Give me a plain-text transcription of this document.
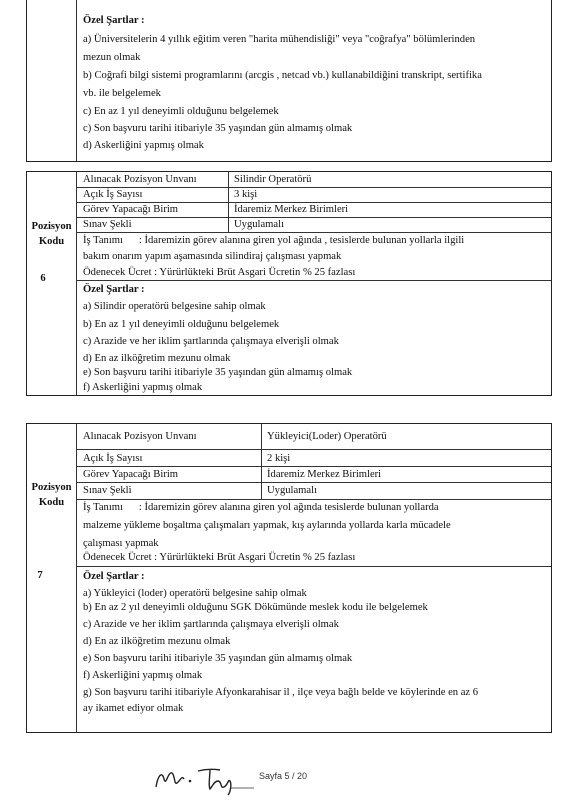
Özel Şartlar :
a) Üniversitelerin 4 yıllık eğitim veren "harita mühendisliği" veya "coğrafya" bölümlerinden
mezun olmak
b) Coğrafi bilgi sistemi programlarını (arcgis , netcad vb.) kullanabildiğini transkript, sertifika
vb. ile belgelemek
c) En az 1 yıl deneyimli olduğunu belgelemek
c) Son başvuru tarihi itibariyle 35 yaşından gün almamış olmak
d) Askerliğini yapmış olmak
Pozisyon
Kodu
6
Alınacak Pozisyon Unvanı	Silindir Operatörü
Açık İş Sayısı	3 kişi
Görev Yapacağı Birim	İdaremiz Merkez Birimleri
Sınav Şekli	Uygulamalı
İş Tanımı      : İdaremizin görev alanına giren yol ağında , tesislerde bulunan yollarla ilgili
bakım onarım yapım aşamasında silindiraj çalışması yapmak
Ödenecek Ücret : Yürürlükteki Brüt Asgari Ücretin % 25 fazlası
Özel Şartlar :
a) Silindir operatörü belgesine sahip olmak
b) En az 1 yıl deneyimli olduğunu belgelemek
c) Arazide ve her iklim şartlarında çalışmaya elverişli olmak
d) En az ilköğretim mezunu olmak
e) Son başvuru tarihi itibariyle 35 yaşından gün almamış olmak
f) Askerliğini yapmış olmak
Pozisyon
Kodu
7
Alınacak Pozisyon Unvanı	Yükleyici(Loder) Operatörü
Açık İş Sayısı	2 kişi
Görev Yapacağı Birim	İdaremiz Merkez Birimleri
Sınav Şekli	Uygulamalı
İş Tanımı      : İdaremizin görev alanına giren yol ağında tesislerde bulunan yollarda
malzeme yükleme boşaltma çalışmaları yapmak, kış aylarında yollarda karla mücadele
çalışması yapmak
Ödenecek Ücret : Yürürlükteki Brüt Asgari Ücretin % 25 fazlası
Özel Şartlar :
a) Yükleyici (loder) operatörü belgesine sahip olmak
b) En az 2 yıl deneyimli olduğunu SGK Dökümünde meslek kodu ile belgelemek
c) Arazide ve her iklim şartlarında çalışmaya elverişli olmak
d) En az ilköğretim mezunu olmak
e) Son başvuru tarihi itibariyle 35 yaşından gün almamış olmak
f) Askerliğini yapmış olmak
g) Son başvuru tarihi itibariyle Afyonkarahisar il , ilçe veya bağlı belde ve köylerinde en az 6
ay ikamet ediyor olmak
Sayfa 5 / 20
